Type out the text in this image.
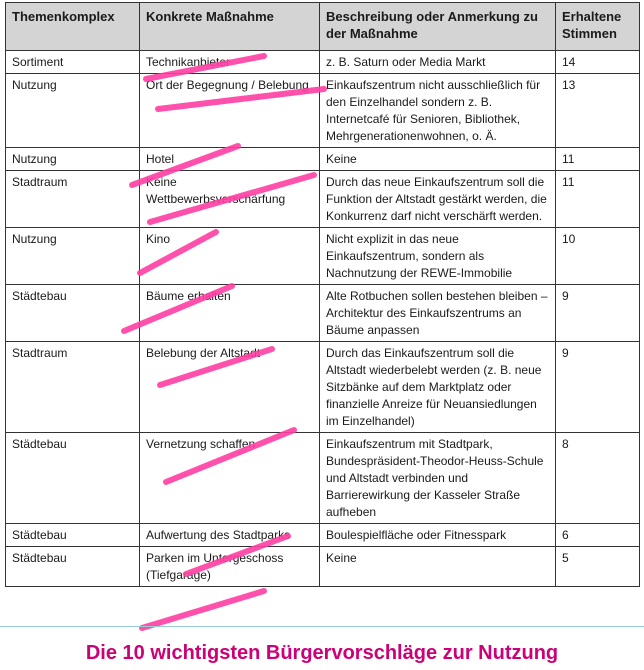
Themenkomplex	Konkrete Maßnahme	Beschreibung oder Anmerkung zu der Maßnahme	Erhaltene Stimmen
Sortiment	Technikanbieter	z. B. Saturn oder Media Markt	14
Nutzung	Ort der Begegnung / Belebung	Einkaufszentrum nicht ausschließlich für
den Einzelhandel sondern z. B.
Internetcafé für Senioren, Bibliothek,
Mehrgenerationenwohnen, o. Ä.	13
Nutzung	Hotel	Keine	11
Stadtraum	Keine
Wettbewerbsverschärfung	Durch das neue Einkaufszentrum soll die
Funktion der Altstadt gestärkt werden, die
Konkurrenz darf nicht verschärft werden.	11
Nutzung	Kino	Nicht explizit in das neue
Einkaufszentrum, sondern als
Nachnutzung der REWE-Immobilie	10
Städtebau	Bäume erhalten	Alte Rotbuchen sollen bestehen bleiben –
Architektur des Einkaufszentrums an
Bäume anpassen	9
Stadtraum	Belebung der Altstadt	Durch das Einkaufszentrum soll die
Altstadt wiederbelebt werden (z. B. neue
Sitzbänke auf dem Marktplatz oder
finanzielle Anreize für Neuansiedlungen
im Einzelhandel)	9
Städtebau	Vernetzung schaffen	Einkaufszentrum mit Stadtpark,
Bundespräsident-Theodor-Heuss-Schule
und Altstadt verbinden und
Barrierewirkung der Kasseler Straße
aufheben	8
Städtebau	Aufwertung des Stadtparks	Boulespielfläche oder Fitnesspark	6
Städtebau	Parken im Untergeschoss
(Tiefgarage)	Keine	5
Die 10 wichtigsten Bürgervorschläge zur Nutzung
